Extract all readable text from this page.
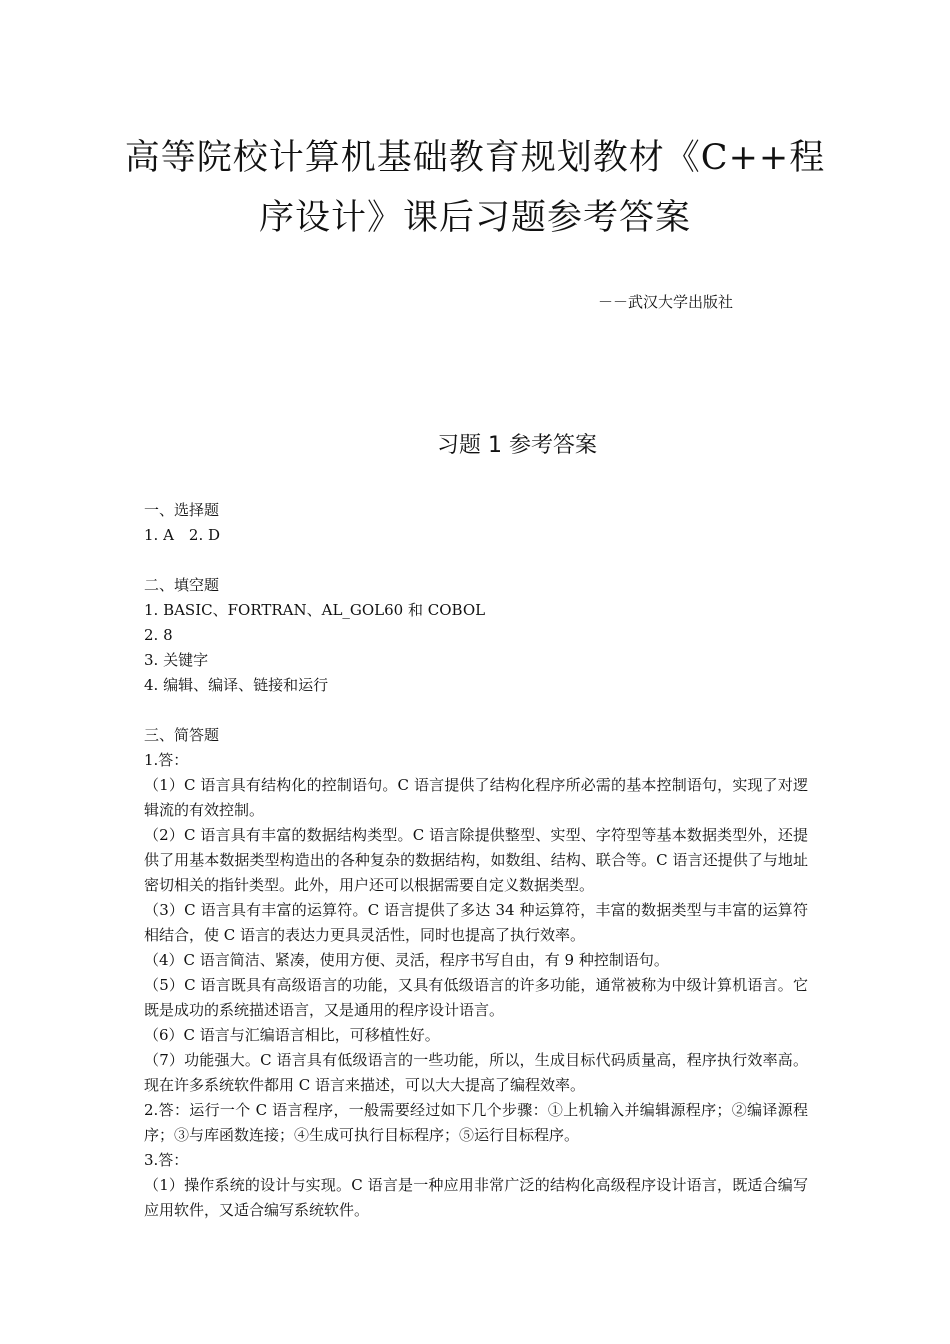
高等院校计算机基础教育规划教材《C++程
序设计》课后习题参考答案
－－武汉大学出版社
习题 1 参考答案
一、选择题
1. A　2. D
二、填空题
1. BASIC、FORTRAN、AL_GOL60 和 COBOL
2. 8
3. 关键字
4. 编辑、编译、链接和运行
三、简答题
1.答：
（1）C 语言具有结构化的控制语句。C 语言提供了结构化程序所必需的基本控制语句，实现了对逻辑流的有效控制。
（2）C 语言具有丰富的数据结构类型。C 语言除提供整型、实型、字符型等基本数据类型外，还提供了用基本数据类型构造出的各种复杂的数据结构，如数组、结构、联合等。C 语言还提供了与地址密切相关的指针类型。此外，用户还可以根据需要自定义数据类型。
（3）C 语言具有丰富的运算符。C 语言提供了多达 34 种运算符，丰富的数据类型与丰富的运算符相结合，使 C 语言的表达力更具灵活性，同时也提高了执行效率。
（4）C 语言简洁、紧凑，使用方便、灵活，程序书写自由，有 9 种控制语句。
（5）C 语言既具有高级语言的功能，又具有低级语言的许多功能，通常被称为中级计算机语言。它既是成功的系统描述语言，又是通用的程序设计语言。
（6）C 语言与汇编语言相比，可移植性好。
（7）功能强大。C 语言具有低级语言的一些功能，所以，生成目标代码质量高，程序执行效率高。现在许多系统软件都用 C 语言来描述，可以大大提高了编程效率。
2.答：运行一个 C 语言程序，一般需要经过如下几个步骤：①上机输入并编辑源程序；②编译源程序；③与库函数连接；④生成可执行目标程序；⑤运行目标程序。
3.答：
（1）操作系统的设计与实现。C 语言是一种应用非常广泛的结构化高级程序设计语言，既适合编写应用软件，又适合编写系统软件。
